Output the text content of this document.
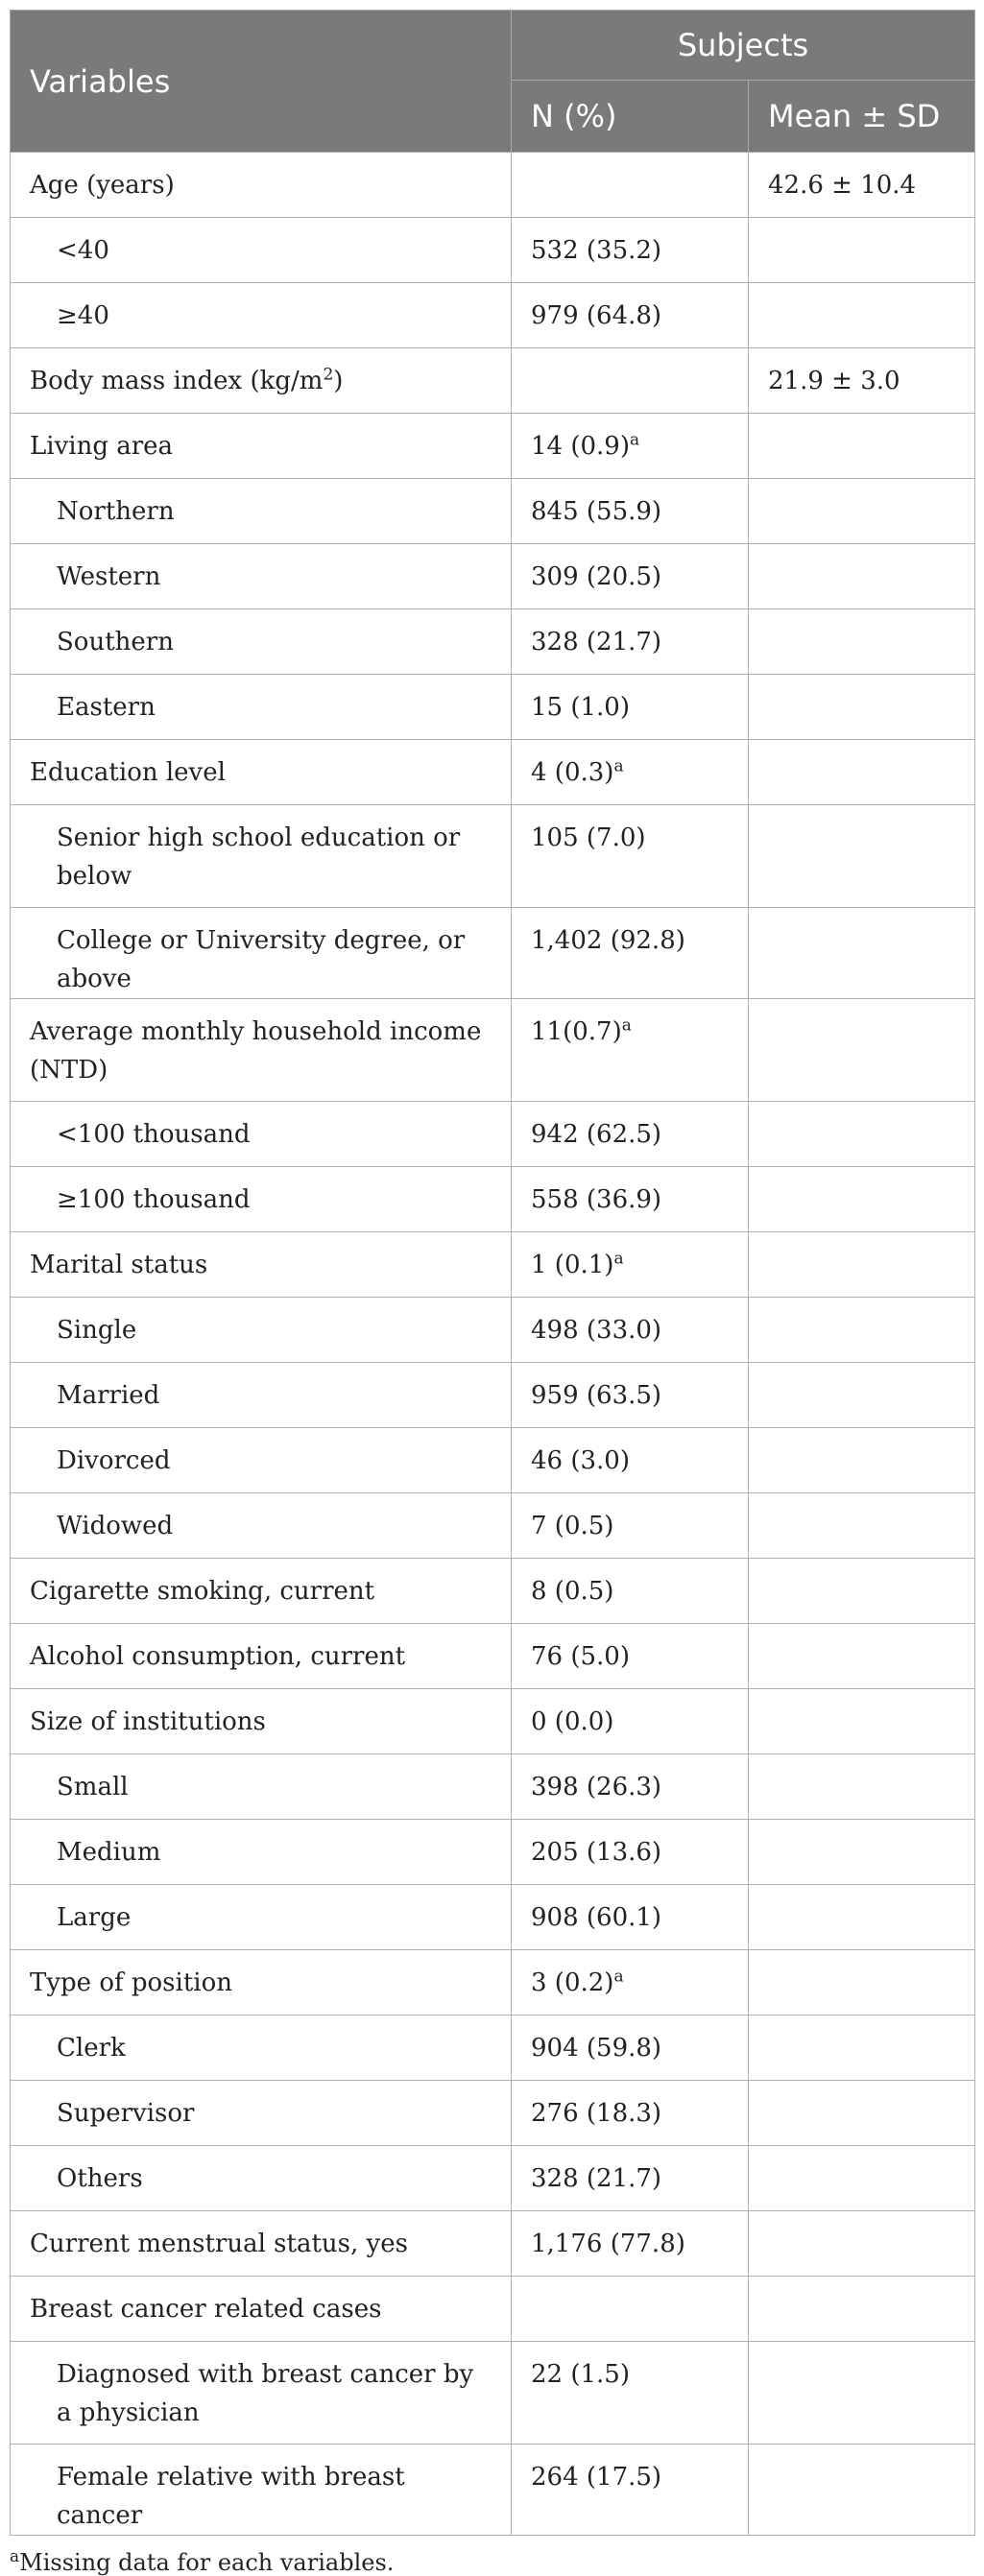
Variables	Subjects	
	N (%)	Mean ± SD

Age (years)		42.6 ± 10.4

<40	532 (35.2)	

≥40	979 (64.8)	

Body mass index $(kg/m^2)$		21.9 ± 3.0

Living area	14 $(0.9)^a$

Northern	845 (55.9)	

Western	309 (20.5)	

Southern	328 (21.7)	

Eastern	15 (1.0)	

Education level	4 $(0.3)^a$

Senior high school education or below	105 (7.0)	

College or University degree, or above	1,402 (92.8)	

Average monthly household income (NTD)	$11(0.7)^a$

<100 thousand	942 (62.5)	

≥100 thousand	558 (36.9)	

Marital status	1 $(0.1)^a$

Single	498 (33.0)	

Married	959 (63.5)	

Divorced	46 (3.0)	

Widowed	7 (0.5)	

Cigarette smoking, current	8 (0.5)	

Alcohol consumption, current	76 (5.0)	

Size of institutions	0 (0.0)	

Small	398 (26.3)	

Medium	205 (13.6)	

Large	908 (60.1)	

Type of position	3 $(0.2)^a$

Clerk	904 (59.8)	

Supervisor	276 (18.3)	

Others	328 (21.7)	

Current menstrual status, yes	1,176 (77.8)	

Breast cancer related cases		

Diagnosed with breast cancer by a physician	22 (1.5)	

Female relative with breast cancer	264 (17.5)	

$^a$Missing data for each variables.
